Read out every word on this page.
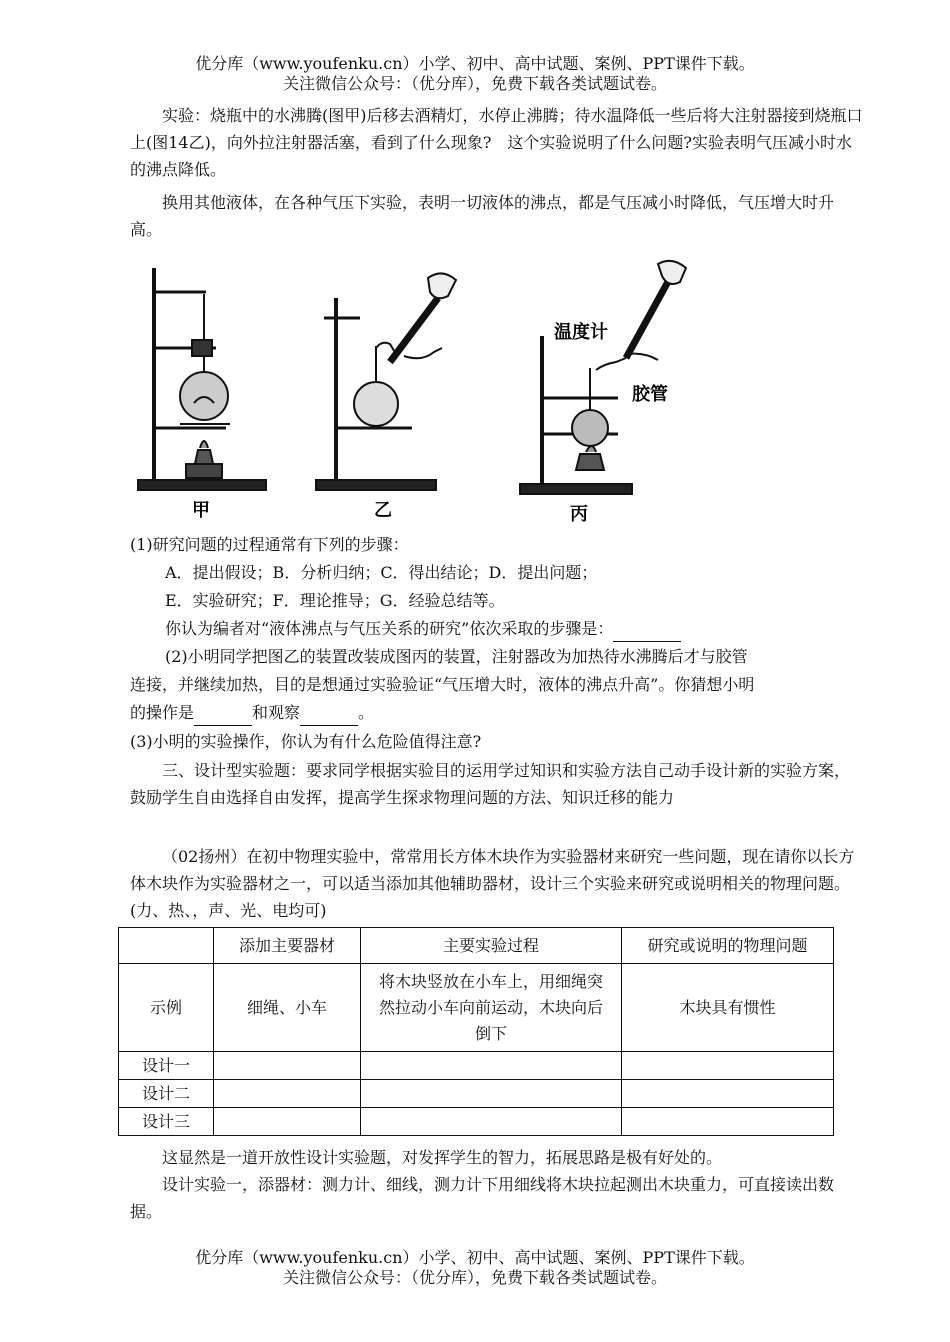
优分库（www.youfenku.cn）小学、初中、高中试题、案例、PPT课件下载。
关注微信公众号：（优分库），免费下载各类试题试卷。
实验：烧瓶中的水沸腾(图甲)后移去酒精灯，水停止沸腾；待水温降低一些后将大注射器接到烧瓶口上(图14乙)，向外拉注射器活塞，看到了什么现象?　这个实验说明了什么问题?实验表明气压减小时水的沸点降低。
换用其他液体，在各种气压下实验，表明一切液体的沸点，都是气压减小时降低，气压增大时升高。
甲	乙	丙
温度计
胶管
(1)研究问题的过程通常有下列的步骤：
A．提出假设；B．分析归纳；C．得出结论；D．提出问题；
E．实验研究；F．理论推导；G．经验总结等。
你认为编者对“液体沸点与气压关系的研究”依次采取的步骤是：
(2)小明同学把图乙的装置改装成图丙的装置，注射器改为加热待水沸腾后才与胶管
连接，并继续加热，目的是想通过实验验证“气压增大时，液体的沸点升高”。你猜想小明
的操作是	和观察	。
(3)小明的实验操作，你认为有什么危险值得注意?
三、设计型实验题：要求同学根据实验目的运用学过知识和实验方法自己动手设计新的实验方案，鼓励学生自由选择自由发挥，提高学生探求物理问题的方法、知识迁移的能力
（02扬州）在初中物理实验中，常常用长方体木块作为实验器材来研究一些问题，现在请你以长方体木块作为实验器材之一，可以适当添加其他辅助器材，设计三个实验来研究或说明相关的物理问题。(力、热、，声、光、电均可)
	添加主要器材	主要实验过程	研究或说明的物理问题
示例	细绳、小车	将木块竖放在小车上，用细绳突然拉动小车向前运动，木块向后倒下	木块具有惯性
设计一			
设计二			
设计三			
这显然是一道开放性设计实验题，对发挥学生的智力，拓展思路是极有好处的。
设计实验一，添器材：测力计、细线，测力计下用细线将木块拉起测出木块重力，可直接读出数据。
优分库（www.youfenku.cn）小学、初中、高中试题、案例、PPT课件下载。
关注微信公众号：（优分库），免费下载各类试题试卷。
